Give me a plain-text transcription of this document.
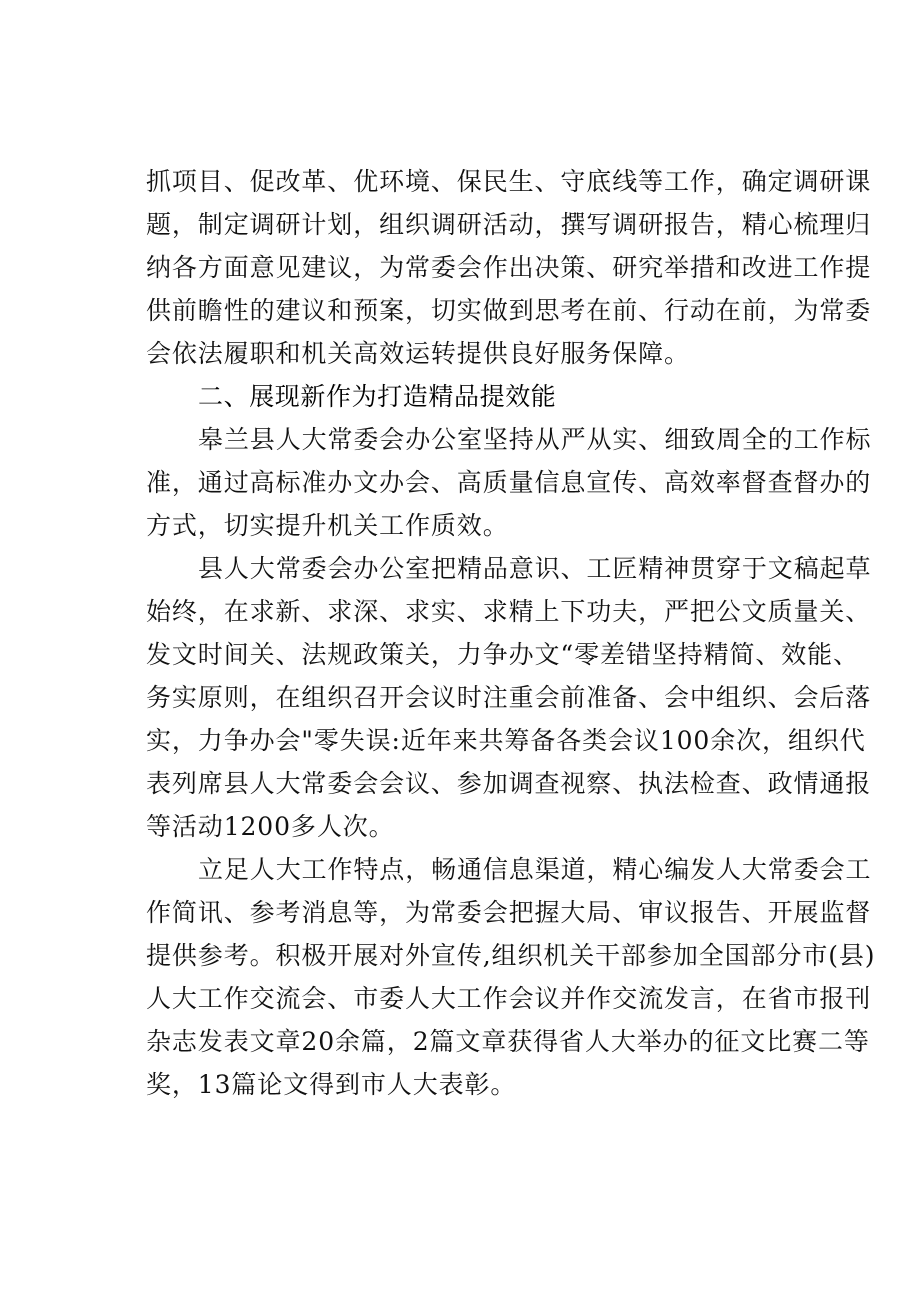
抓项目、促改革、优环境、保民生、守底线等工作，确定调研课
题，制定调研计划，组织调研活动，撰写调研报告，精心梳理归
纳各方面意见建议，为常委会作出决策、研究举措和改进工作提
供前瞻性的建议和预案，切实做到思考在前、行动在前，为常委
会依法履职和机关高效运转提供良好服务保障。
二、展现新作为打造精品提效能
皋兰县人大常委会办公室坚持从严从实、细致周全的工作标
准，通过高标准办文办会、高质量信息宣传、高效率督查督办的
方式，切实提升机关工作质效。
县人大常委会办公室把精品意识、工匠精神贯穿于文稿起草
始终，在求新、求深、求实、求精上下功夫，严把公文质量关、
发文时间关、法规政策关，力争办文“零差错坚持精简、效能、
务实原则，在组织召开会议时注重会前准备、会中组织、会后落
实，力争办会"零失误:近年来共筹备各类会议100余次，组织代
表列席县人大常委会会议、参加调查视察、执法检查、政情通报
等活动1200多人次。
立足人大工作特点，畅通信息渠道，精心编发人大常委会工
作简讯、参考消息等，为常委会把握大局、审议报告、开展监督
提供参考。积极开展对外宣传,组织机关干部参加全国部分市(县)
人大工作交流会、市委人大工作会议并作交流发言，在省市报刊
杂志发表文章20余篇，2篇文章获得省人大举办的征文比赛二等
奖，13篇论文得到市人大表彰。
